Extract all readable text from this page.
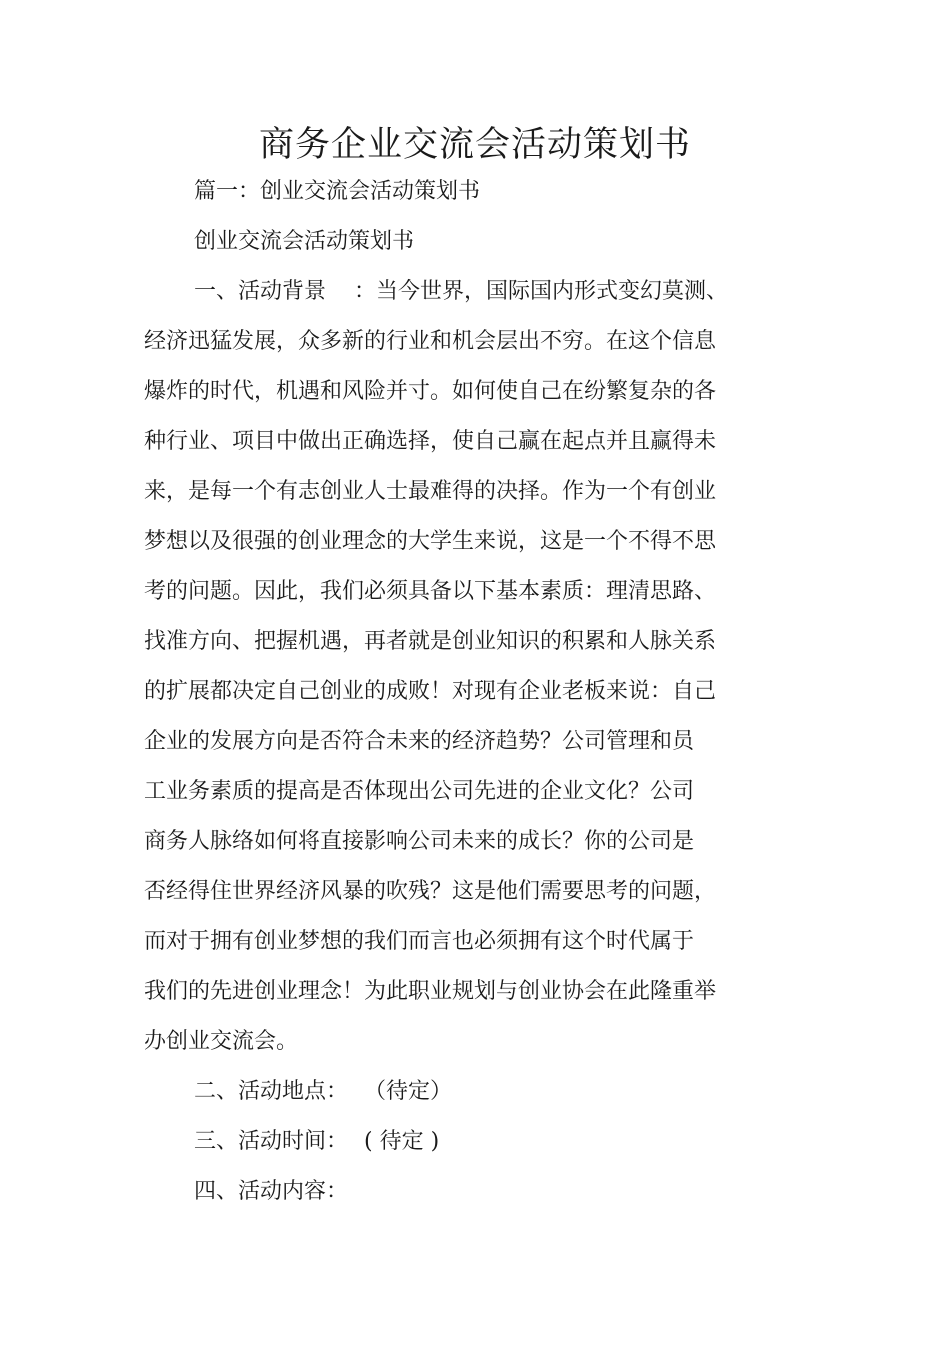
商务企业交流会活动策划书

篇一：创业交流会活动策划书

创业交流会活动策划书

一、活动背景 ：当今世界，国际国内形式变幻莫测、

经济迅猛发展，众多新的行业和机会层出不穷。在这个信息

爆炸的时代，机遇和风险并寸。如何使自己在纷繁复杂的各

种行业、项目中做出正确选择，使自己赢在起点并且赢得未

来，是每一个有志创业人士最难得的决择。作为一个有创业

梦想以及很强的创业理念的大学生来说，这是一个不得不思

考的问题。因此，我们必须具备以下基本素质：理清思路、

找准方向、把握机遇，再者就是创业知识的积累和人脉关系

的扩展都决定自己创业的成败！对现有企业老板来说：自己

企业的发展方向是否符合未来的经济趋势？公司管理和员

工业务素质的提高是否体现出公司先进的企业文化？公司

商务人脉络如何将直接影响公司未来的成长？你的公司是

否经得住世界经济风暴的吹残？这是他们需要思考的问题，

而对于拥有创业梦想的我们而言也必须拥有这个时代属于

我们的先进创业理念！为此职业规划与创业协会在此隆重举

办创业交流会。

二、活动地点： （待定）

三、活动时间： ( 待定 )

四、活动内容：
